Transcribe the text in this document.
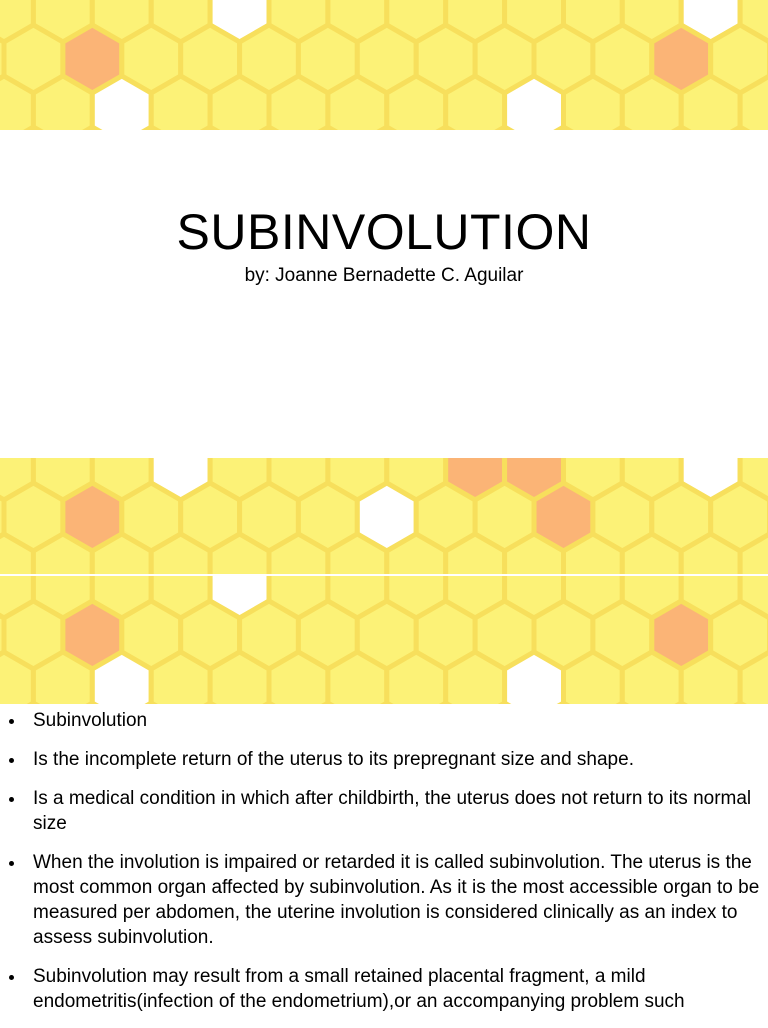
SUBINVOLUTION
by: Joanne Bernadette C. Aguilar
Subinvolution
Is the incomplete return of the uterus to its prepregnant size and shape.
Is a medical condition in which after childbirth, the uterus does not return to its normal size
When the involution is impaired or retarded it is called subinvolution. The uterus is the most common organ affected by subinvolution. As it is the most accessible organ to be measured per abdomen, the uterine involution is considered clinically as an index to assess subinvolution.
Subinvolution may result from a small retained placental fragment, a mild endometritis(infection of the endometrium),or an accompanying problem such
